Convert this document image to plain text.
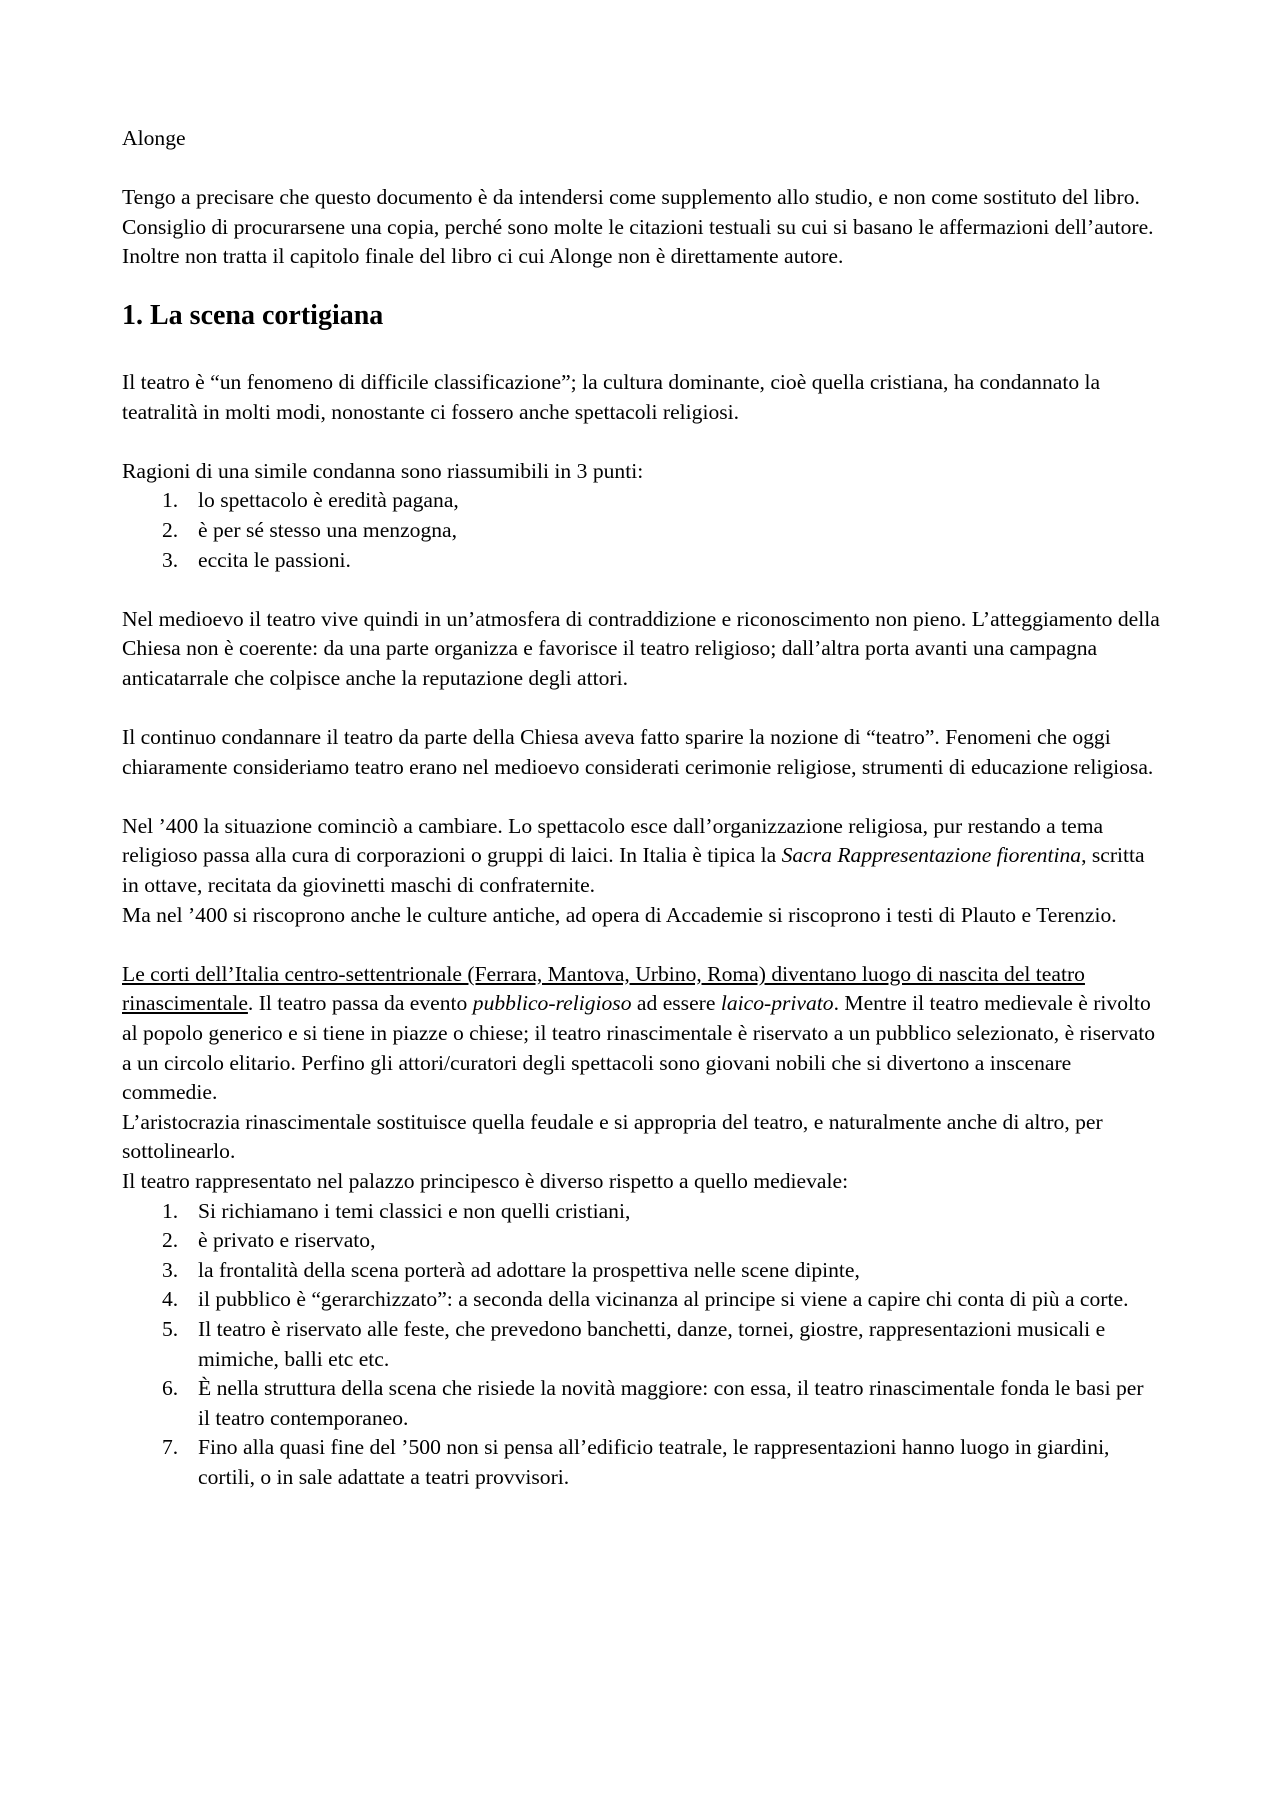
Alonge

Tengo a precisare che questo documento è da intendersi come supplemento allo studio, e non come sostituto del libro. Consiglio di procurarsene una copia, perché sono molte le citazioni testuali su cui si basano le affermazioni dell’autore. Inoltre non tratta il capitolo finale del libro ci cui Alonge non è direttamente autore.

1. La scena cortigiana

Il teatro è “un fenomeno di difficile classificazione”; la cultura dominante, cioè quella cristiana, ha condannato la teatralità in molti modi, nonostante ci fossero anche spettacoli religiosi.

Ragioni di una simile condanna sono riassumibili in 3 punti:

1. lo spettacolo è eredità pagana,
2. è per sé stesso una menzogna,
3. eccita le passioni.

Nel medioevo il teatro vive quindi in un’atmosfera di contraddizione e riconoscimento non pieno. L’atteggiamento della Chiesa non è coerente: da una parte organizza e favorisce il teatro religioso; dall’altra porta avanti una campagna anticatarrale che colpisce anche la reputazione degli attori.

Il continuo condannare il teatro da parte della Chiesa aveva fatto sparire la nozione di “teatro”. Fenomeni che oggi chiaramente consideriamo teatro erano nel medioevo considerati cerimonie religiose, strumenti di educazione religiosa.

Nel ’400 la situazione cominciò a cambiare. Lo spettacolo esce dall’organizzazione religiosa, pur restando a tema religioso passa alla cura di corporazioni o gruppi di laici. In Italia è tipica la Sacra Rappresentazione fiorentina, scritta in ottave, recitata da giovinetti maschi di confraternite.

Ma nel ’400 si riscoprono anche le culture antiche, ad opera di Accademie si riscoprono i testi di Plauto e Terenzio.

Le corti dell’Italia centro-settentrionale (Ferrara, Mantova, Urbino, Roma) diventano luogo di nascita del teatro rinascimentale. Il teatro passa da evento pubblico-religioso ad essere laico-privato. Mentre il teatro medievale è rivolto al popolo generico e si tiene in piazze o chiese; il teatro rinascimentale è riservato a un pubblico selezionato, è riservato a un circolo elitario. Perfino gli attori/curatori degli spettacoli sono giovani nobili che si divertono a inscenare commedie.

L’aristocrazia rinascimentale sostituisce quella feudale e si appropria del teatro, e naturalmente anche di altro, per sottolinearlo.

Il teatro rappresentato nel palazzo principesco è diverso rispetto a quello medievale:

1. Si richiamano i temi classici e non quelli cristiani,
2. è privato e riservato,
3. la frontalità della scena porterà ad adottare la prospettiva nelle scene dipinte,
4. il pubblico è “gerarchizzato”: a seconda della vicinanza al principe si viene a capire chi conta di più a corte.
5. Il teatro è riservato alle feste, che prevedono banchetti, danze, tornei, giostre, rappresentazioni musicali e mimiche, balli etc etc.
6. È nella struttura della scena che risiede la novità maggiore: con essa, il teatro rinascimentale fonda le basi per il teatro contemporaneo.
7. Fino alla quasi fine del ’500 non si pensa all’edificio teatrale, le rappresentazioni hanno luogo in giardini, cortili, o in sale adattate a teatri provvisori.
